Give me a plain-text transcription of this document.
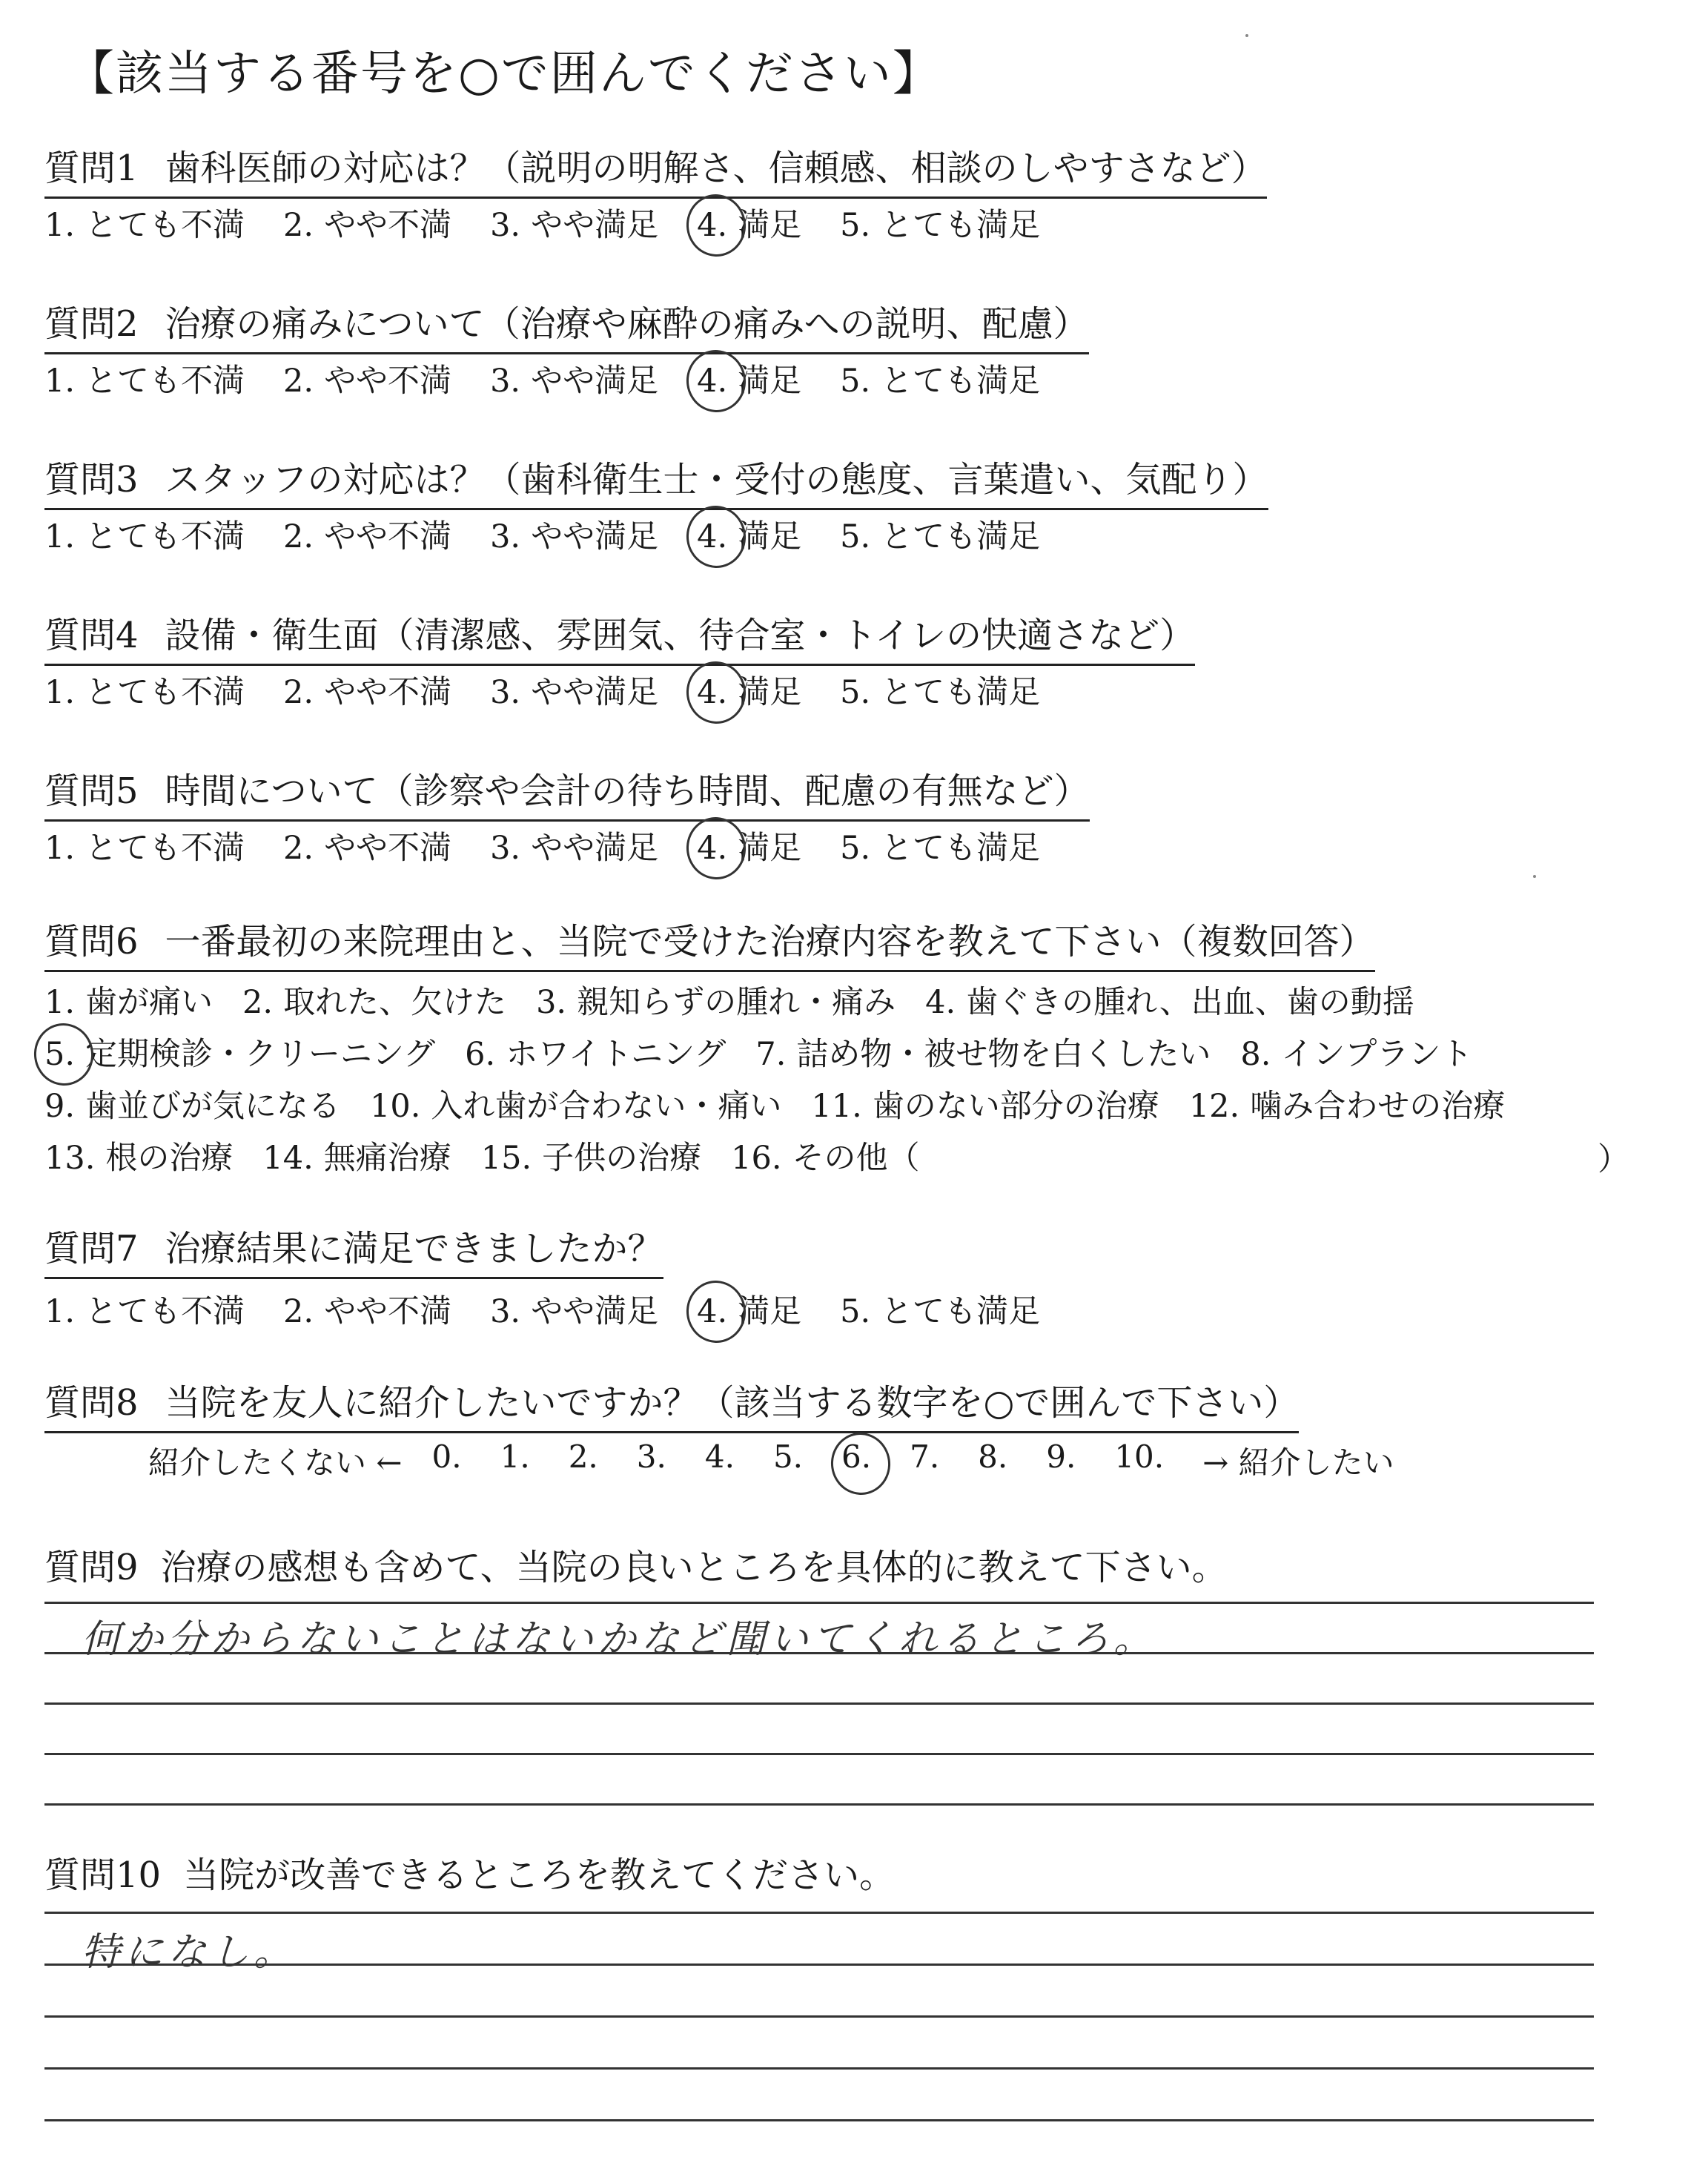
【該当する番号を○で囲んでください】
質問1 歯科医師の対応は？（説明の明解さ、信頼感、相談のしやすさなど）
1. とても不満 2. やや不満 3. やや満足 4. 満足 5. とても満足
質問2 治療の痛みについて（治療や麻酔の痛みへの説明、配慮）
1. とても不満 2. やや不満 3. やや満足 4. 満足 5. とても満足
質問3 スタッフの対応は？（歯科衛生士・受付の態度、言葉遣い、気配り）
1. とても不満 2. やや不満 3. やや満足 4. 満足 5. とても満足
質問4 設備・衛生面（清潔感、雰囲気、待合室・トイレの快適さなど）
1. とても不満 2. やや不満 3. やや満足 4. 満足 5. とても満足
質問5 時間について（診察や会計の待ち時間、配慮の有無など）
1. とても不満 2. やや不満 3. やや満足 4. 満足 5. とても満足
質問6 一番最初の来院理由と、当院で受けた治療内容を教えて下さい（複数回答）
1. 歯が痛い 2. 取れた、欠けた 3. 親知らずの腫れ・痛み 4. 歯ぐきの腫れ、出血、歯の動揺
5. 定期検診・クリーニング 6. ホワイトニング 7. 詰め物・被せ物を白くしたい 8. インプラント
9. 歯並びが気になる 10. 入れ歯が合わない・痛い 11. 歯のない部分の治療 12. 噛み合わせの治療
13. 根の治療 14. 無痛治療 15. 子供の治療 16. その他（	）
質問7 治療結果に満足できましたか？
1. とても不満 2. やや不満 3. やや満足 4. 満足 5. とても満足
質問8 当院を友人に紹介したいですか？（該当する数字を○で囲んで下さい）
紹介したくない ← 0. 1. 2. 3. 4. 5. 6. 7. 8. 9. 10. → 紹介したい
質問9 治療の感想も含めて、当院の良いところを具体的に教えて下さい。
何か分からないことはないかなど聞いてくれるところ。
質問10 当院が改善できるところを教えてください。
特になし。
